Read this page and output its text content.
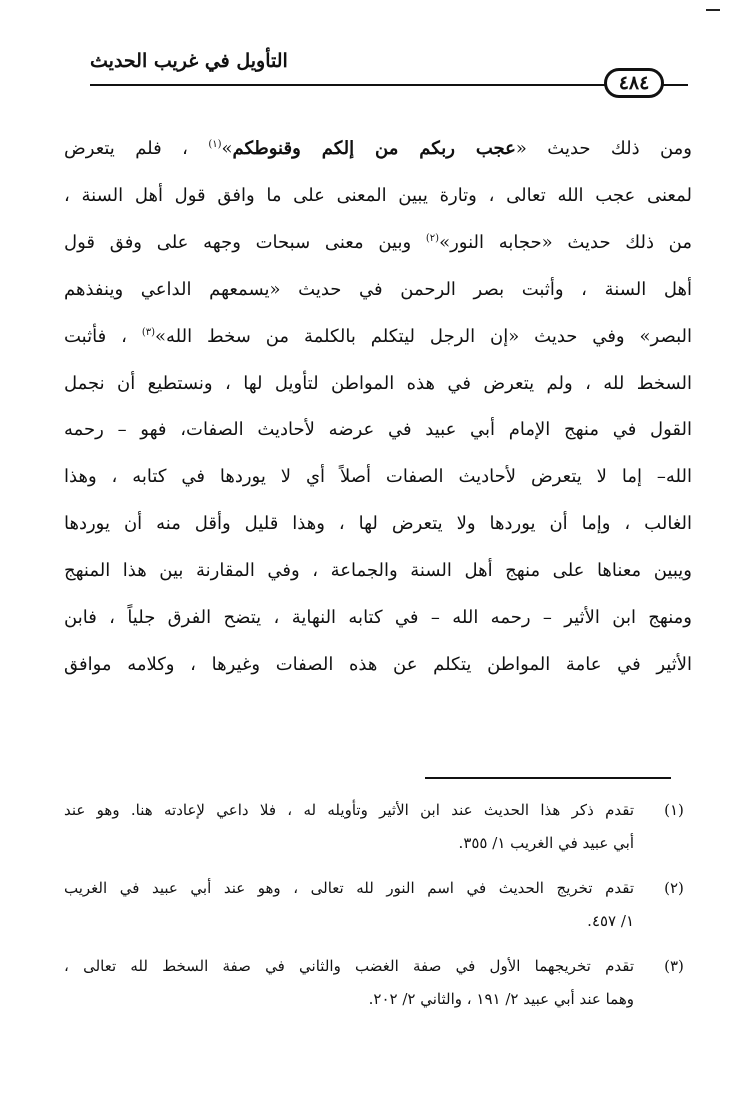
التأويل في غريب الحديث
٤٨٤
ومن ذلك حديث «عجب ربكم من إلكم وقنوطكم»$^{(١)}$ ، فلم يتعرض
لمعنى عجب الله تعالى ، وتارة يبين المعنى على ما وافق قول أهل السنة ،
من ذلك حديث «حجابه النور»$^{(٢)}$ وبين معنى سبحات وجهه على وفق قول
أهل السنة ، وأثبت بصر الرحمن في حديث «يسمعهم الداعي وينفذهم
البصر» وفي حديث «إن الرجل ليتكلم بالكلمة من سخط الله»$^{(٣)}$ ، فأثبت
السخط لله ، ولم يتعرض في هذه المواطن لتأويل لها ، ونستطيع أن نجمل
القول في منهج الإمام أبي عبيد في عرضه لأحاديث الصفات، فهو – رحمه
الله– إما لا يتعرض لأحاديث الصفات أصلاً أي لا يوردها في كتابه ، وهذا
الغالب ، وإما أن يوردها ولا يتعرض لها ، وهذا قليل وأقل منه أن يوردها
ويبين معناها على منهج أهل السنة والجماعة ، وفي المقارنة بين هذا المنهج
ومنهج ابن الأثير – رحمه الله – في كتابه النهاية ، يتضح الفرق جلياً ، فابن
الأثير في عامة المواطن يتكلم عن هذه الصفات وغيرها ، وكلامه موافق
(١)
تقدم ذكر هذا الحديث عند ابن الأثير وتأويله له ، فلا داعي لإعادته هنا. وهو عند
أبي عبيد في الغريب ١/ ٣٥٥.
(٢)
تقدم تخريج الحديث في اسم النور لله تعالى ، وهو عند أبي عبيد في الغريب
١/ ٤٥٧.
(٣)
تقدم تخريجهما الأول في صفة الغضب والثاني في صفة السخط لله تعالى ،
وهما عند أبي عبيد ٢/ ١٩١ ، والثاني ٢/ ٢٠٢.
